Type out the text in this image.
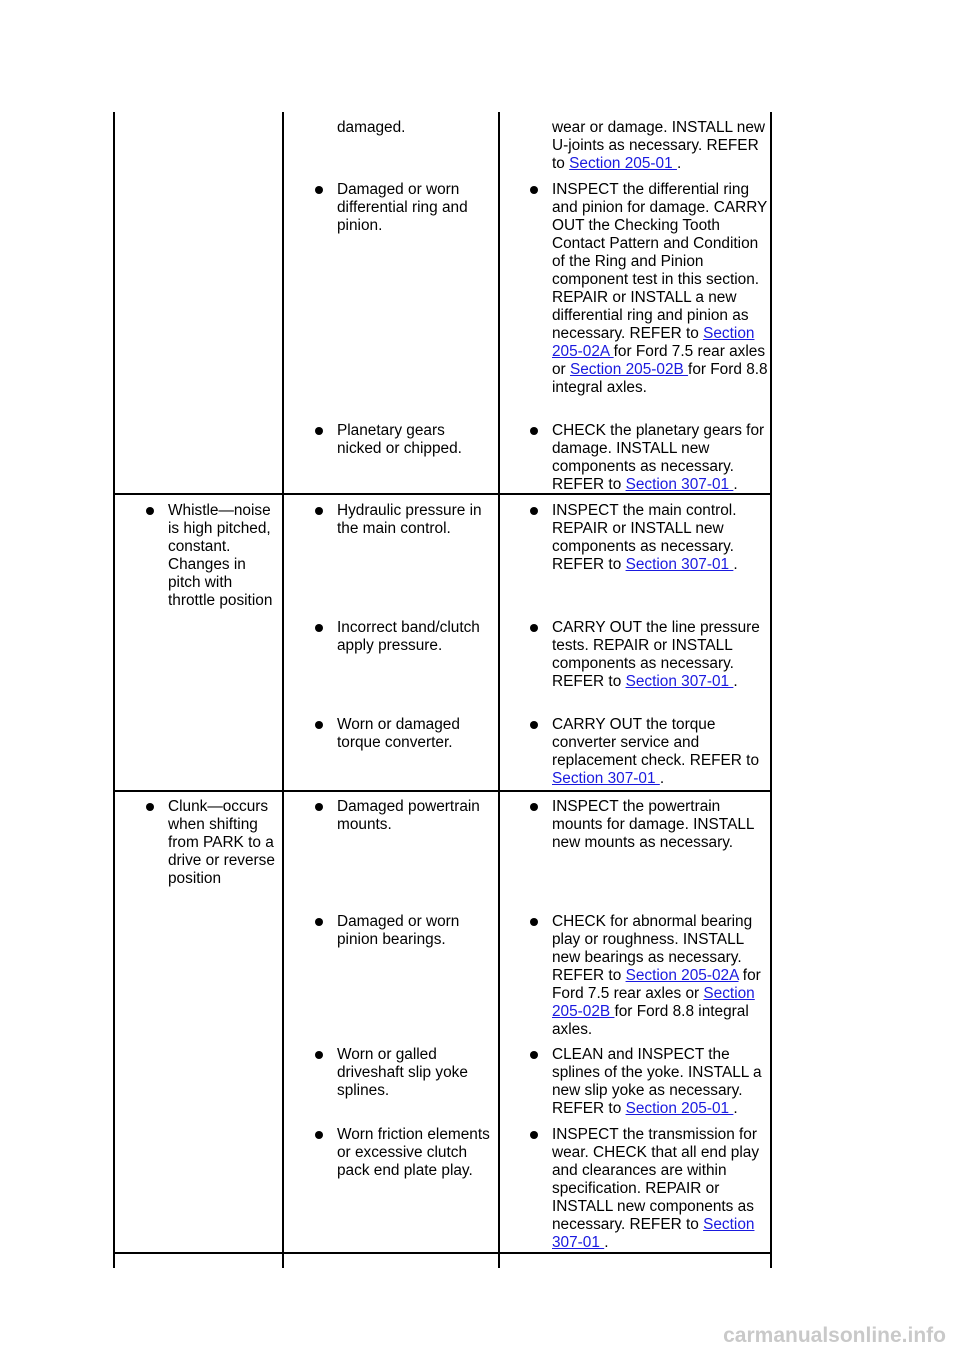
damaged.	wear or damage. INSTALL new U-joints as necessary. REFER to Section 205-01 .
Damaged or worn differential ring and pinion.
INSPECT the differential ring and pinion for damage. CARRY OUT the Checking Tooth Contact Pattern and Condition of the Ring and Pinion component test in this section. REPAIR or INSTALL a new differential ring and pinion as necessary. REFER to Section 205-02A for Ford 7.5 rear axles or Section 205-02B for Ford 8.8 integral axles.
Planetary gears nicked or chipped.
CHECK the planetary gears for damage. INSTALL new components as necessary. REFER to Section 307-01 .
Whistle—noise is high pitched, constant. Changes in pitch with throttle position
Hydraulic pressure in the main control.
INSPECT the main control. REPAIR or INSTALL new components as necessary. REFER to Section 307-01 .
Incorrect band/clutch apply pressure.
CARRY OUT the line pressure tests. REPAIR or INSTALL components as necessary. REFER to Section 307-01 .
Worn or damaged torque converter.
CARRY OUT the torque converter service and replacement check. REFER to Section 307-01 .
Clunk—occurs when shifting from PARK to a drive or reverse position
Damaged powertrain mounts.
INSPECT the powertrain mounts for damage. INSTALL new mounts as necessary.
Damaged or worn pinion bearings.
CHECK for abnormal bearing play or roughness. INSTALL new bearings as necessary. REFER to Section 205-02A for Ford 7.5 rear axles or Section 205-02B for Ford 8.8 integral axles.
Worn or galled driveshaft slip yoke splines.
CLEAN and INSPECT the splines of the yoke. INSTALL a new slip yoke as necessary. REFER to Section 205-01 .
Worn friction elements or excessive clutch pack end plate play.
INSPECT the transmission for wear. CHECK that all end play and clearances are within specification. REPAIR or INSTALL new components as necessary. REFER to Section 307-01 .
carmanualsonline.info
